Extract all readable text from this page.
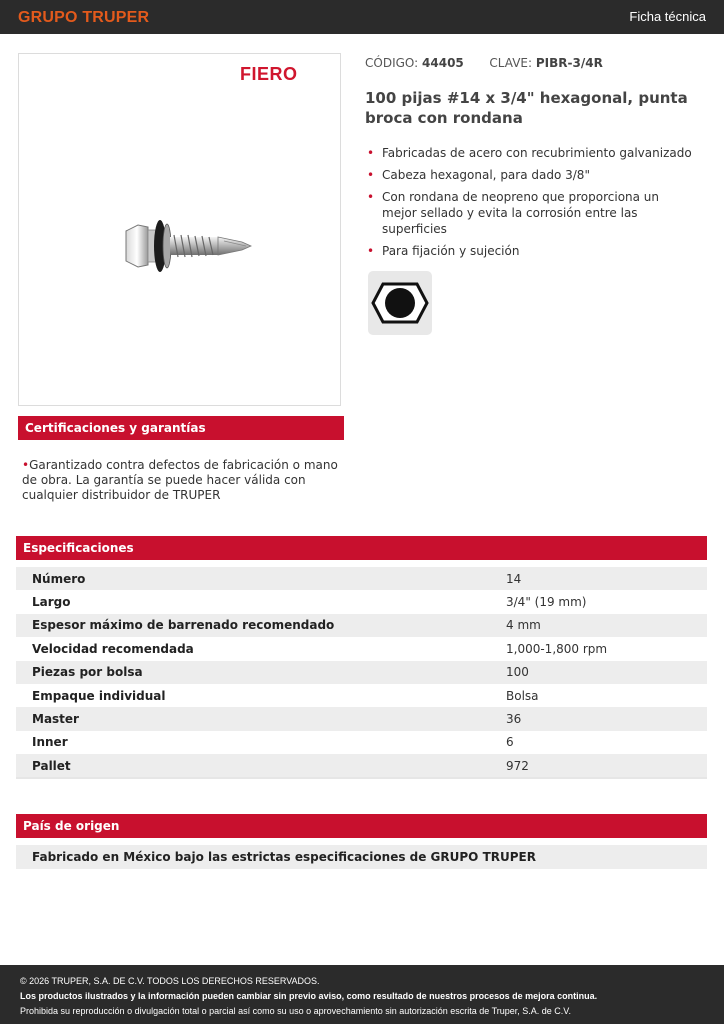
GRUPO TRUPER	Ficha técnica
FIERO
CÓDIGO: 44405 CLAVE: PIBR-3/4R
100 pijas #14 x 3/4" hexagonal, punta broca con rondana
• Fabricadas de acero con recubrimiento galvanizado
• Cabeza hexagonal, para dado 3/8"
• Con rondana de neopreno que proporciona un mejor sellado y evita la corrosión entre las superficies
• Para fijación y sujeción
Certificaciones y garantías
•Garantizado contra defectos de fabricación o mano de obra. La garantía se puede hacer válida con cualquier distribuidor de TRUPER
Especificaciones
Número	14
Largo	3/4" (19 mm)
Espesor máximo de barrenado recomendado	4 mm
Velocidad recomendada	1,000-1,800 rpm
Piezas por bolsa	100
Empaque individual	Bolsa
Master	36
Inner	6
Pallet	972
País de origen
Fabricado en México bajo las estrictas especificaciones de GRUPO TRUPER
© 2026 TRUPER, S.A. DE C.V. TODOS LOS DERECHOS RESERVADOS.
Los productos ilustrados y la información pueden cambiar sin previo aviso, como resultado de nuestros procesos de mejora continua.
Prohibida su reproducción o divulgación total o parcial así como su uso o aprovechamiento sin autorización escrita de Truper, S.A. de C.V.
